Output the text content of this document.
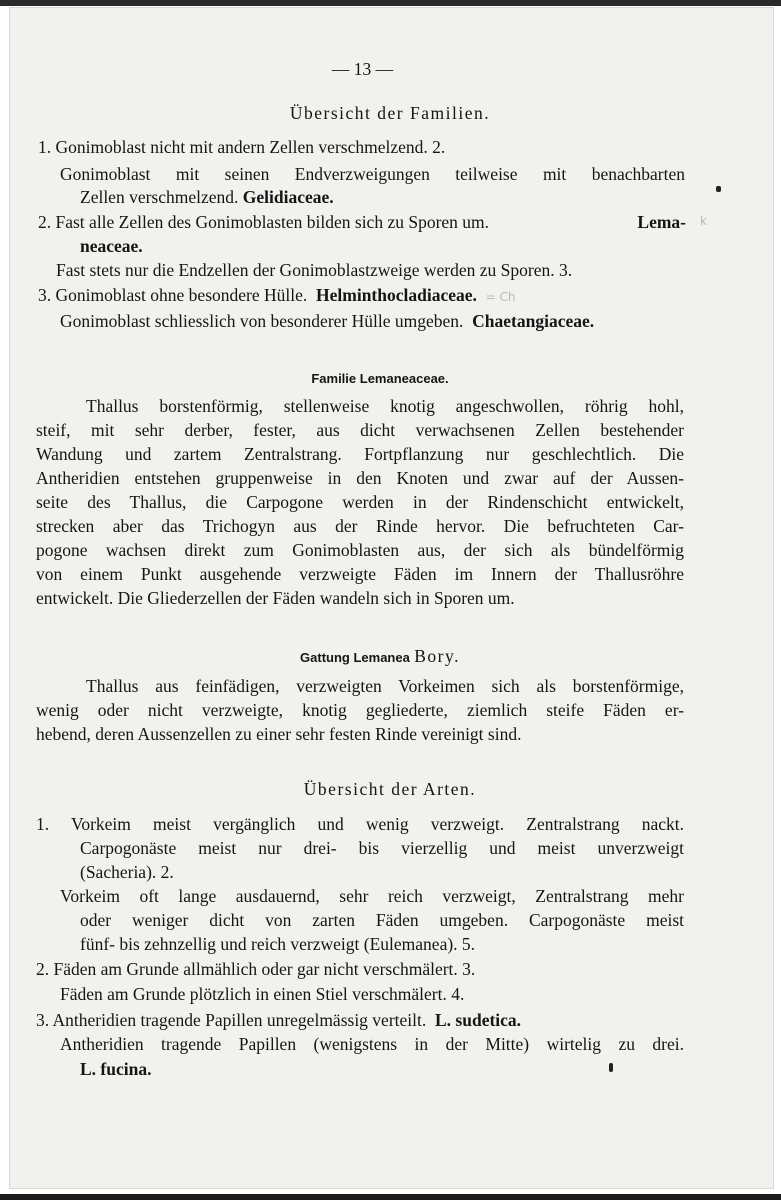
— 13 —
Übersicht der Familien.
1. Gonimoblast nicht mit andern Zellen verschmelzend. 2.
Gonimoblast mit seinen Endverzweigungen teilweise mit benachbarten
Zellen verschmelzend. Gelidiaceae.
2. Fast alle Zellen des Gonimoblasten bilden sich zu Sporen um.	Lema- k
neaceae.
Fast stets nur die Endzellen der Gonimoblastzweige werden zu Sporen. 3.
3. Gonimoblast ohne besondere Hülle. Helminthocladiaceae. = Ch
Gonimoblast schliesslich von besonderer Hülle umgeben. Chaetangiaceae.
Familie Lemaneaceae.
Thallus borstenförmig, stellenweise knotig angeschwollen, röhrig hohl,
steif, mit sehr derber, fester, aus dicht verwachsenen Zellen bestehender
Wandung und zartem Zentralstrang. Fortpflanzung nur geschlechtlich. Die
Antheridien entstehen gruppenweise in den Knoten und zwar auf der Aussen-
seite des Thallus, die Carpogone werden in der Rindenschicht entwickelt,
strecken aber das Trichogyn aus der Rinde hervor. Die befruchteten Car-
pogone wachsen direkt zum Gonimoblasten aus, der sich als bündelförmig
von einem Punkt ausgehende verzweigte Fäden im Innern der Thallusröhre
entwickelt. Die Gliederzellen der Fäden wandeln sich in Sporen um.
Gattung Lemanea Bory.
Thallus aus feinfädigen, verzweigten Vorkeimen sich als borstenförmige,
wenig oder nicht verzweigte, knotig gegliederte, ziemlich steife Fäden er-
hebend, deren Aussenzellen zu einer sehr festen Rinde vereinigt sind.
Übersicht der Arten.
1. Vorkeim meist vergänglich und wenig verzweigt. Zentralstrang nackt.
Carpogonäste meist nur drei- bis vierzellig und meist unverzweigt
(Sacheria). 2.
Vorkeim oft lange ausdauernd, sehr reich verzweigt, Zentralstrang mehr
oder weniger dicht von zarten Fäden umgeben. Carpogonäste meist
fünf- bis zehnzellig und reich verzweigt (Eulemanea). 5.
2. Fäden am Grunde allmählich oder gar nicht verschmälert. 3.
Fäden am Grunde plötzlich in einen Stiel verschmälert. 4.
3. Antheridien tragende Papillen unregelmässig verteilt. L. sudetica.
Antheridien tragende Papillen (wenigstens in der Mitte) wirtelig zu drei.
L. fucina.
